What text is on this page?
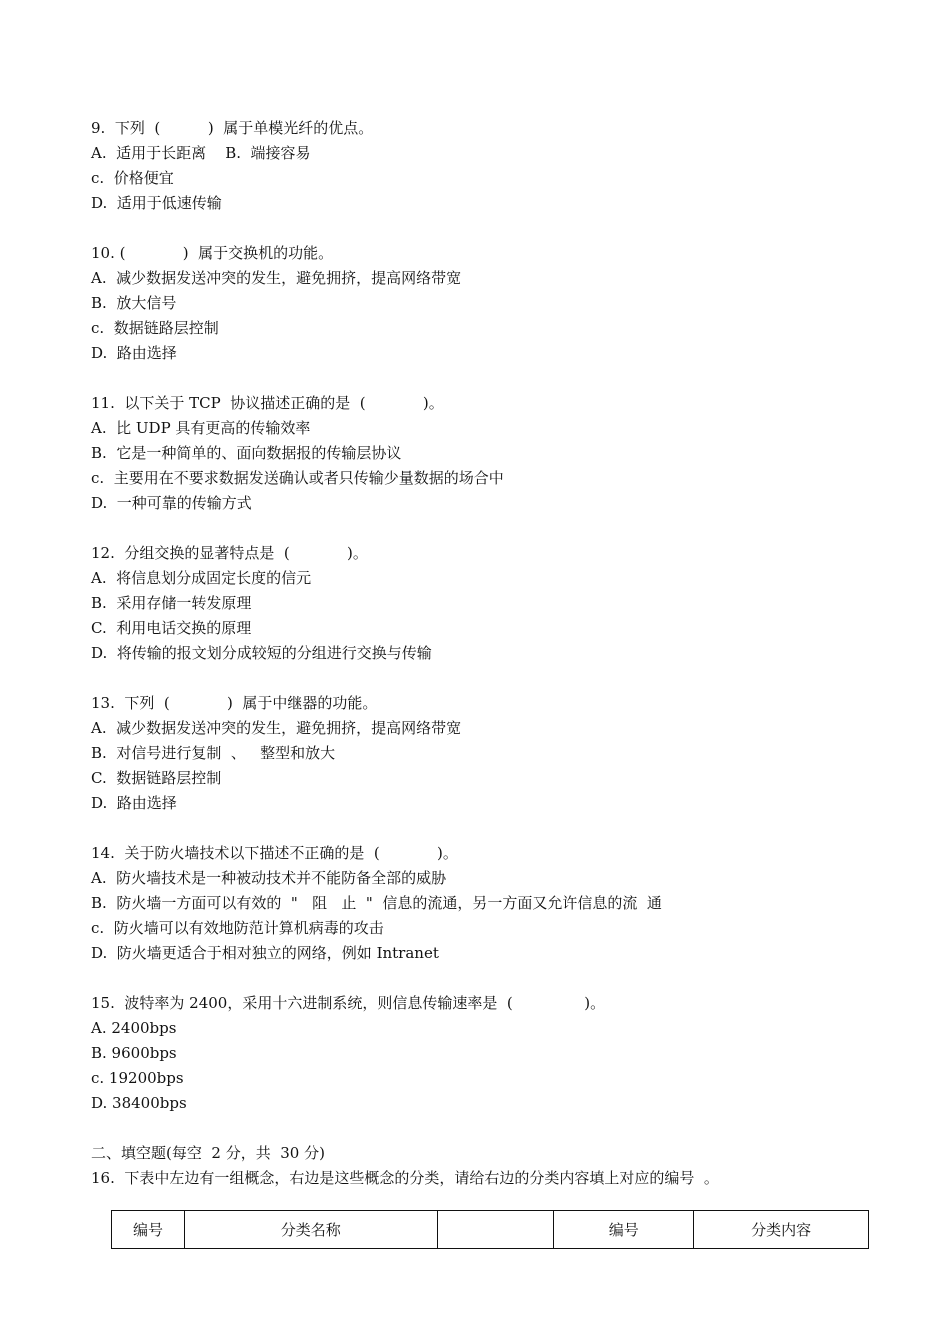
9.  下列  (          )  属于单模光纤的优点。
A.  适用于长距离    B.  端接容易
c.  价格便宜
D.  适用于低速传输
10. (            )  属于交换机的功能。
A.  减少数据发送冲突的发生，避免拥挤，提高网络带宽
B.  放大信号
c.  数据链路层控制
D.  路由选择
11.  以下关于 TCP  协议描述正确的是  (            )。
A.  比 UDP 具有更高的传输效率
B.  它是一种简单的、面向数据报的传输层协议
c.  主要用在不要求数据发送确认或者只传输少量数据的场合中
D.  一种可靠的传输方式
12.  分组交换的显著特点是  (            )。
A.  将信息划分成固定长度的信元
B.  采用存储一转发原理
C.  利用电话交换的原理
D.  将传输的报文划分成较短的分组进行交换与传输
13.  下列  (            )  属于中继器的功能。
A.  减少数据发送冲突的发生，避免拥挤，提高网络带宽
B.  对信号进行复制  、   整型和放大
C.  数据链路层控制
D.  路由选择
14.  关于防火墙技术以下描述不正确的是  (            )。
A.  防火墙技术是一种被动技术并不能防备全部的威胁
B.  防火墙一方面可以有效的  "   阻   止  "  信息的流通，另一方面又允许信息的流  通
c.  防火墙可以有效地防范计算机病毒的攻击
D.  防火墙更适合于相对独立的网络，例如 Intranet
15.  波特率为 2400，采用十六进制系统，则信息传输速率是  (               )。
A. 2400bps
B. 9600bps
c. 19200bps
D. 38400bps
二、填空题(每空  2 分，共  30 分)
16.  下表中左边有一组概念，右边是这些概念的分类，请给右边的分类内容填上对应的编号  。
编号	分类名称		编号	分类内容
